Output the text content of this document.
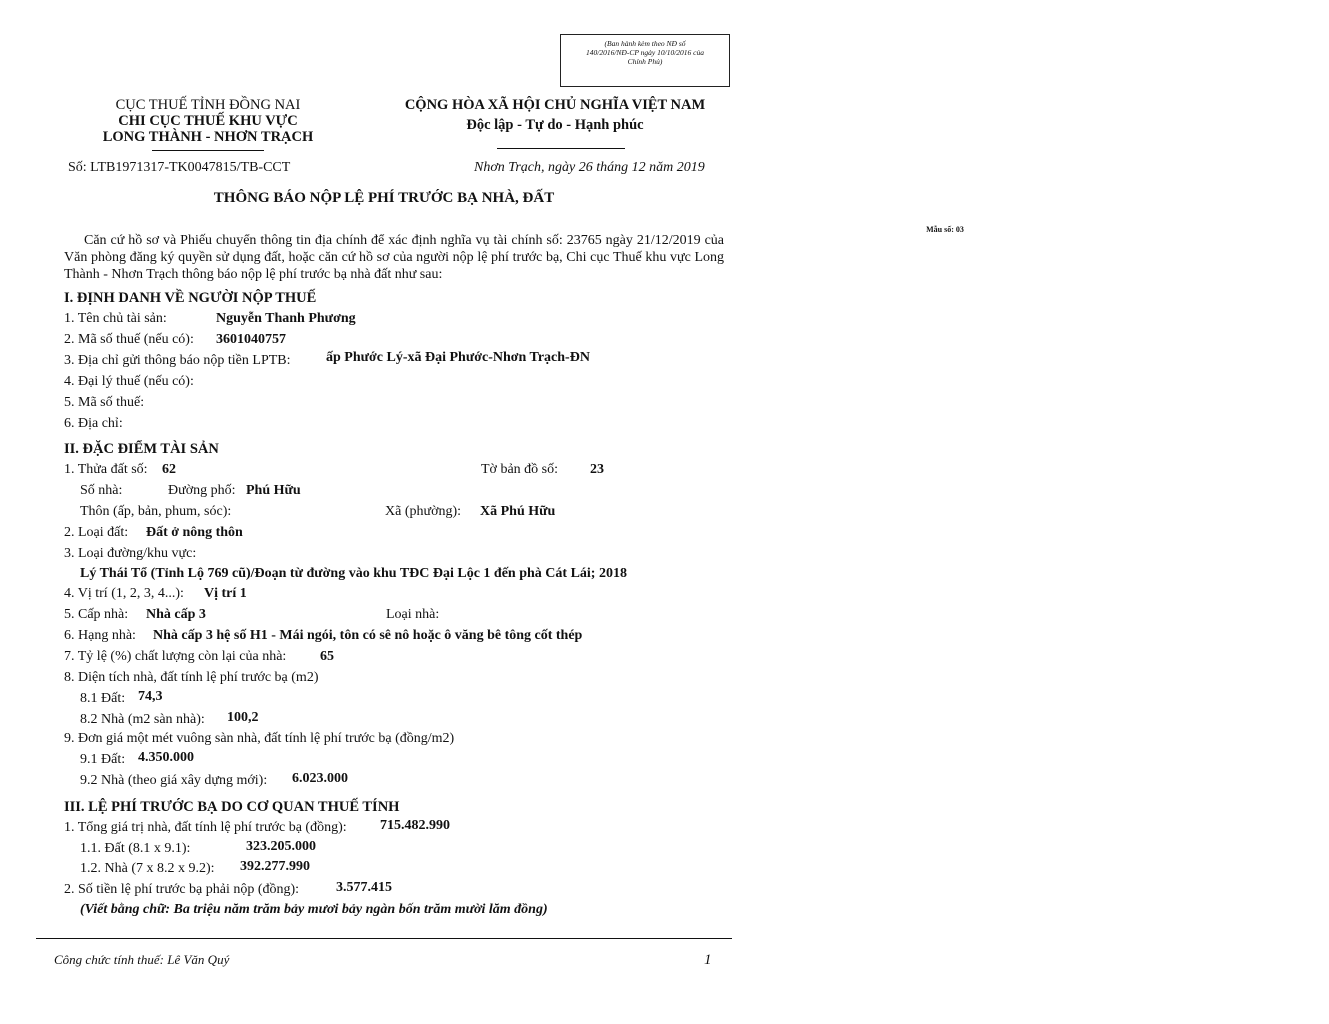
Mẫu số: 03
(Ban hành kèm theo NĐ số
140/2016/NĐ-CP ngày 10/10/2016 của
Chính Phủ)
CỤC THUẾ TỈNH ĐỒNG NAI
CHI CỤC THUẾ KHU VỰC
LONG THÀNH - NHƠN TRẠCH
Số: LTB1971317-TK0047815/TB-CCT
CỘNG HÒA XÃ HỘI CHỦ NGHĨA VIỆT NAM
Độc lập - Tự do - Hạnh phúc
Nhơn Trạch, ngày 26 tháng 12 năm 2019
THÔNG BÁO NỘP LỆ PHÍ TRƯỚC BẠ NHÀ, ĐẤT
Căn cứ hồ sơ và Phiếu chuyển thông tin địa chính để xác định nghĩa vụ tài chính số: 23765 ngày 21/12/2019 của Văn phòng đăng ký quyền sử dụng đất, hoặc căn cứ hồ sơ của người nộp lệ phí trước bạ, Chi cục Thuế khu vực Long Thành - Nhơn Trạch thông báo nộp lệ phí trước bạ nhà đất như sau:
I. ĐỊNH DANH VỀ NGƯỜI NỘP THUẾ
1. Tên chủ tài sản:	Nguyễn Thanh Phương
2. Mã số thuế (nếu có): 3601040757
3. Địa chỉ gửi thông báo nộp tiền LPTB:	ấp Phước Lý-xã Đại Phước-Nhơn Trạch-ĐN
4. Đại lý thuế (nếu có):
5. Mã số thuế:
6. Địa chỉ:
II. ĐẶC ĐIỂM TÀI SẢN
1. Thửa đất số: 62	Tờ bản đồ số: 23
Số nhà:	Đường phố: Phú Hữu
Thôn (ấp, bản, phum, sóc):	Xã (phường): Xã Phú Hữu
2. Loại đất: Đất ở nông thôn
3. Loại đường/khu vực:
Lý Thái Tổ (Tỉnh Lộ 769 cũ)/Đoạn từ đường vào khu TĐC Đại Lộc 1 đến phà Cát Lái; 2018
4. Vị trí (1, 2, 3, 4...): Vị trí 1
5. Cấp nhà: Nhà cấp 3	Loại nhà:
6. Hạng nhà: Nhà cấp 3 hệ số H1 - Mái ngói, tôn có sê nô hoặc ô văng bê tông cốt thép
7. Tỷ lệ (%) chất lượng còn lại của nhà: 65
8. Diện tích nhà, đất tính lệ phí trước bạ (m2)
8.1 Đất: 74,3
8.2 Nhà (m2 sàn nhà): 100,2
9. Đơn giá một mét vuông sàn nhà, đất tính lệ phí trước bạ (đồng/m2)
9.1 Đất: 4.350.000
9.2 Nhà (theo giá xây dựng mới): 6.023.000
III. LỆ PHÍ TRƯỚC BẠ DO CƠ QUAN THUẾ TÍNH
1. Tổng giá trị nhà, đất tính lệ phí trước bạ (đồng): 715.482.990
1.1. Đất (8.1 x 9.1):	323.205.000
1.2. Nhà (7 x 8.2 x 9.2): 392.277.990
2. Số tiền lệ phí trước bạ phải nộp (đồng):	3.577.415
(Viết bằng chữ: Ba triệu năm trăm bảy mươi bảy ngàn bốn trăm mười lăm đồng)
Công chức tính thuế: Lê Văn Quý	1
